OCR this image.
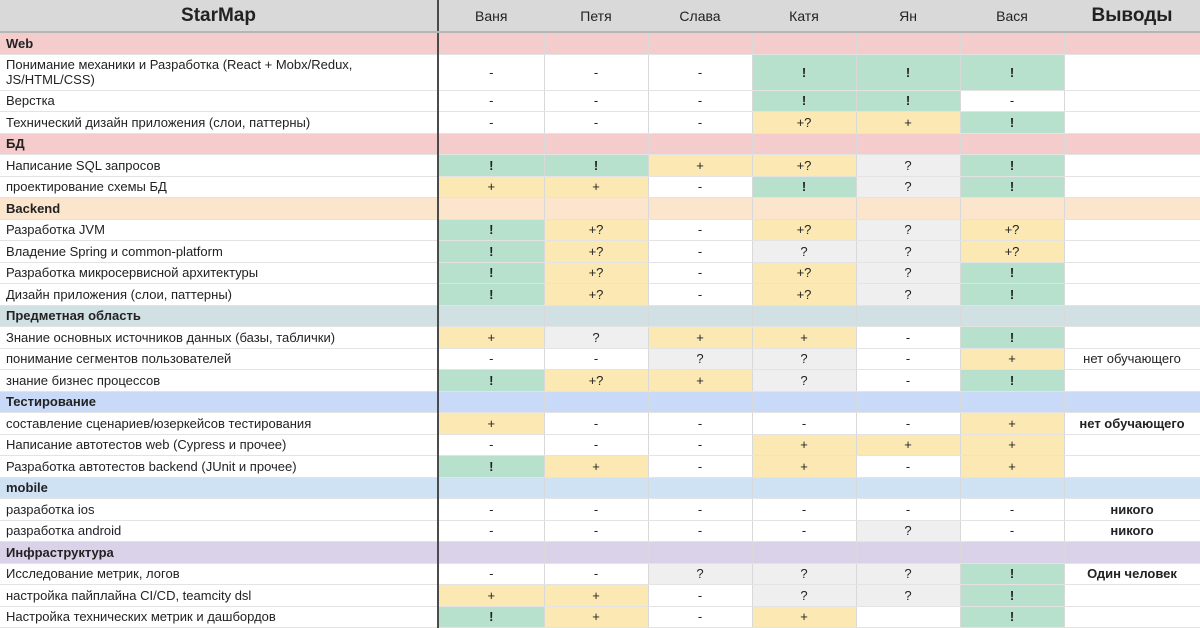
StarMap	Ваня	Петя	Слава	Катя	Ян	Вася	Выводы
Web							
Понимание механики и Разработка (React + Mobx/Redux, JS/HTML/CSS)	-	-	-	!	!	!	
Верстка	-	-	-	!	!	-	
Технический дизайн приложения (слои, паттерны)	-	-	-	+?	+	!	
БД							
Написание SQL запросов	!	!	+	+?	?	!	
проектирование схемы БД	+	+	-	!	?	!	
Backend							
Разработка JVM	!	+?	-	+?	?	+?	
Владение Spring и common-platform	!	+?	-	?	?	+?	
Разработка микросервисной архитектуры	!	+?	-	+?	?	!	
Дизайн приложения (слои, паттерны)	!	+?	-	+?	?	!	
Предметная область							
Знание основных источников данных (базы, таблички)	+	?	+	+	-	!	
понимание сегментов пользователей	-	-	?	?	-	+	нет обучающего
знание бизнес процессов	!	+?	+	?	-	!	
Тестирование							
составление сценариев/юзеркейсов тестирования	+	-	-	-	-	+	нет обучающего
Написание автотестов web (Cypress и прочее)	-	-	-	+	+	+	
Разработка автотестов backend (JUnit и прочее)	!	+	-	+	-	+	
mobile							
разработка ios	-	-	-	-	-	-	никого
разработка android	-	-	-	-	?	-	никого
Инфраструктура							
Исследование метрик, логов	-	-	?	?	?	!	Один человек
настройка пайплайна CI/CD, teamcity dsl	+	+	-	?	?	!	
Настройка технических метрик и дашбордов	!	+	-	+		!	
